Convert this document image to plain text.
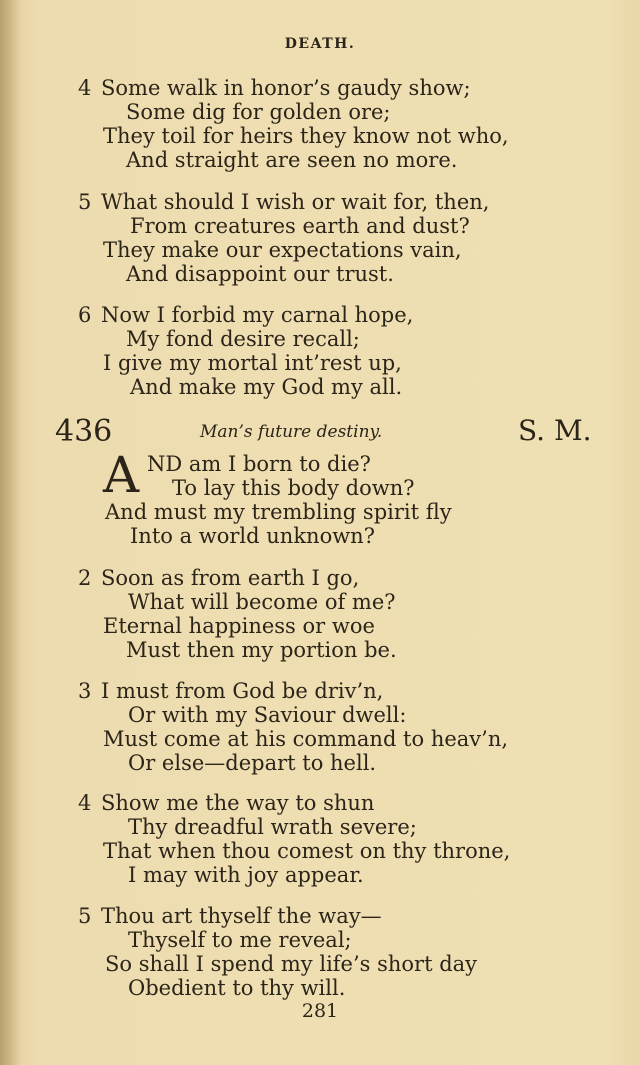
DEATH.
4 Some walk in honor’s gaudy show;
Some dig for golden ore;
They toil for heirs they know not who,
And straight are seen no more.
5 What should I wish or wait for, then,
From creatures earth and dust?
They make our expectations vain,
And disappoint our trust.
6 Now I forbid my carnal hope,
My fond desire recall;
I give my mortal int’rest up,
And make my God my all.
436	Man’s future destiny.	S. M.
A ND am I born to die?
To lay this body down?
And must my trembling spirit fly
Into a world unknown?
2 Soon as from earth I go,
What will become of me?
Eternal happiness or woe
Must then my portion be.
3 I must from God be driv’n,
Or with my Saviour dwell:
Must come at his command to heav’n,
Or else—depart to hell.
4 Show me the way to shun
Thy dreadful wrath severe;
That when thou comest on thy throne,
I may with joy appear.
5 Thou art thyself the way—
Thyself to me reveal;
So shall I spend my life’s short day
Obedient to thy will.
281
